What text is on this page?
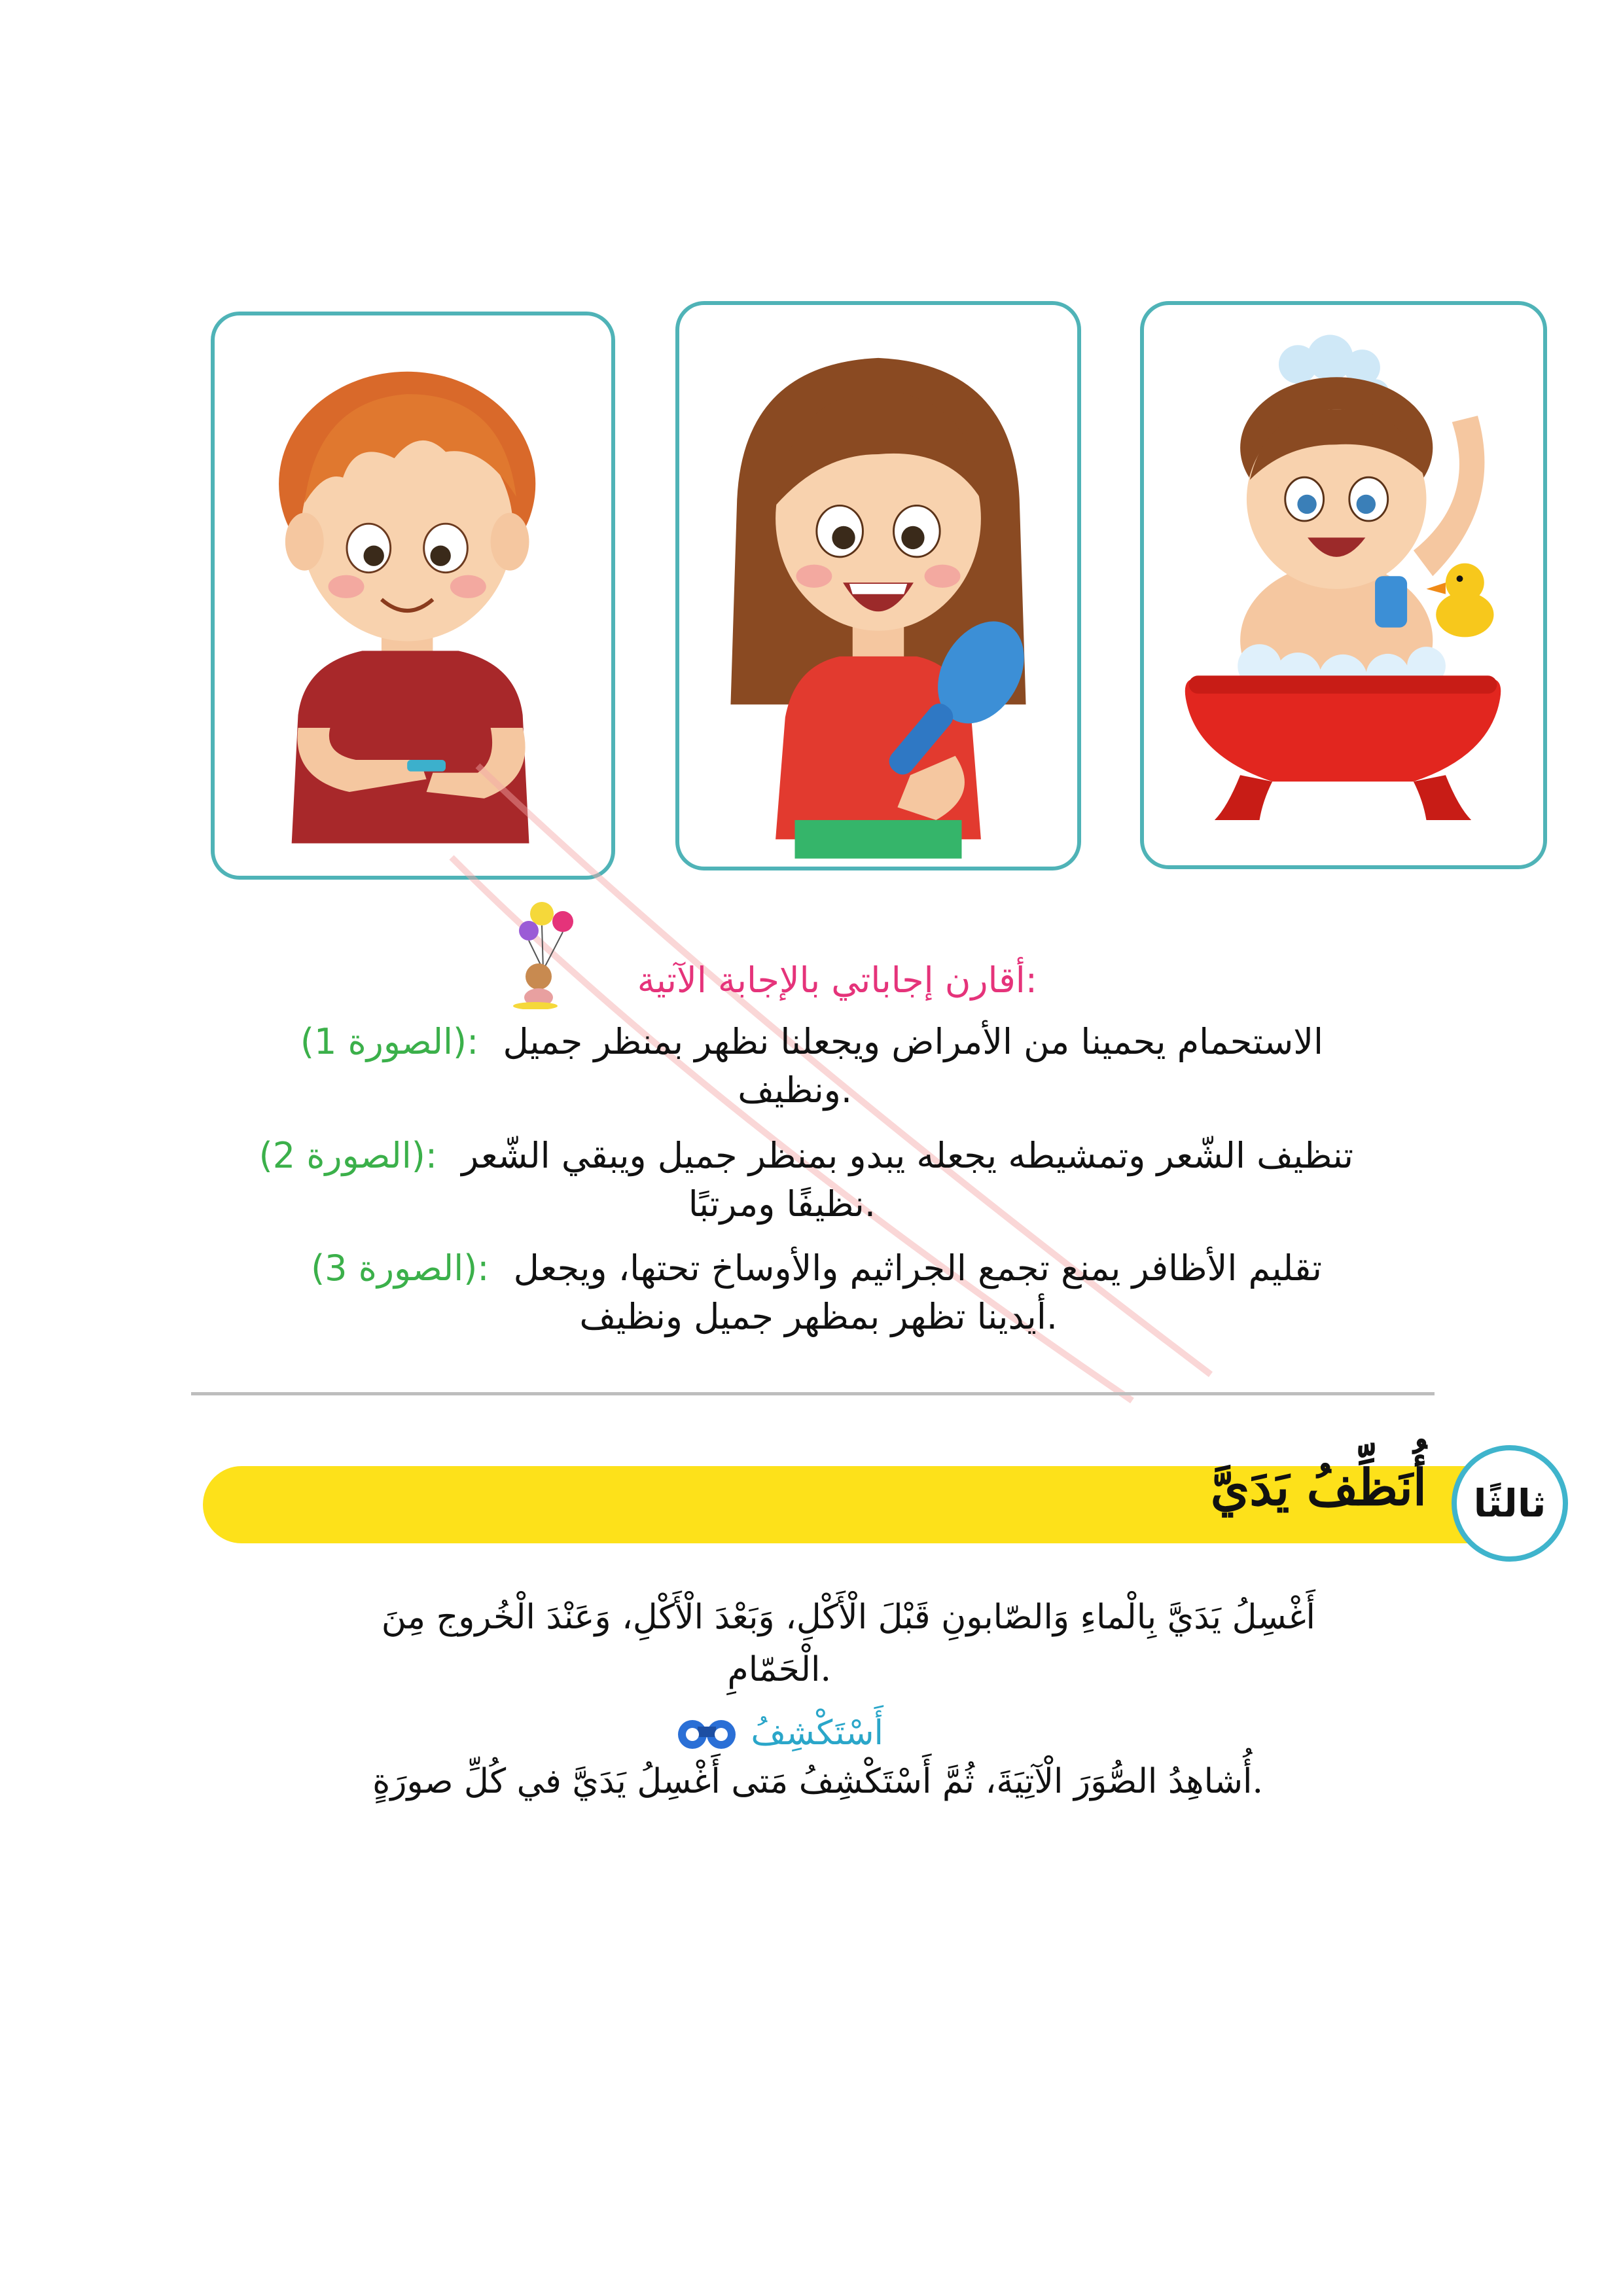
:أقارن إجاباتي بالإجابة الآتية
الاستحمام يحمينا من الأمراض ويجعلنا نظهر بمنظر جميل :(الصورة 1)
.ونظيف
تنظيف الشّعر وتمشيطه يجعله يبدو بمنظر جميل ويبقي الشّعر :(الصورة 2)
.نظيفًا ومرتبًا
تقليم الأظافر يمنع تجمع الجراثيم والأوساخ تحتها، ويجعل :(الصورة 3)
.أيدينا تظهر بمظهر جميل ونظيف
ثالثًا
أُنَظِّفُ يَدَيَّ
أَغْسِلُ يَدَيَّ بِالْماءِ وَالصّابونِ قَبْلَ الْأَكْلِ، وَبَعْدَ الْأَكْلِ، وَعَنْدَ الْخُروج مِنَ
.الْحَمّامِ
أَسْتَكْشِفُ
.أُشاهِدُ الصُّوَرَ الْآتِيَةَ، ثُمَّ أَسْتَكْشِفُ مَتى أَغْسِلُ يَدَيَّ في كُلِّ صورَةٍ
